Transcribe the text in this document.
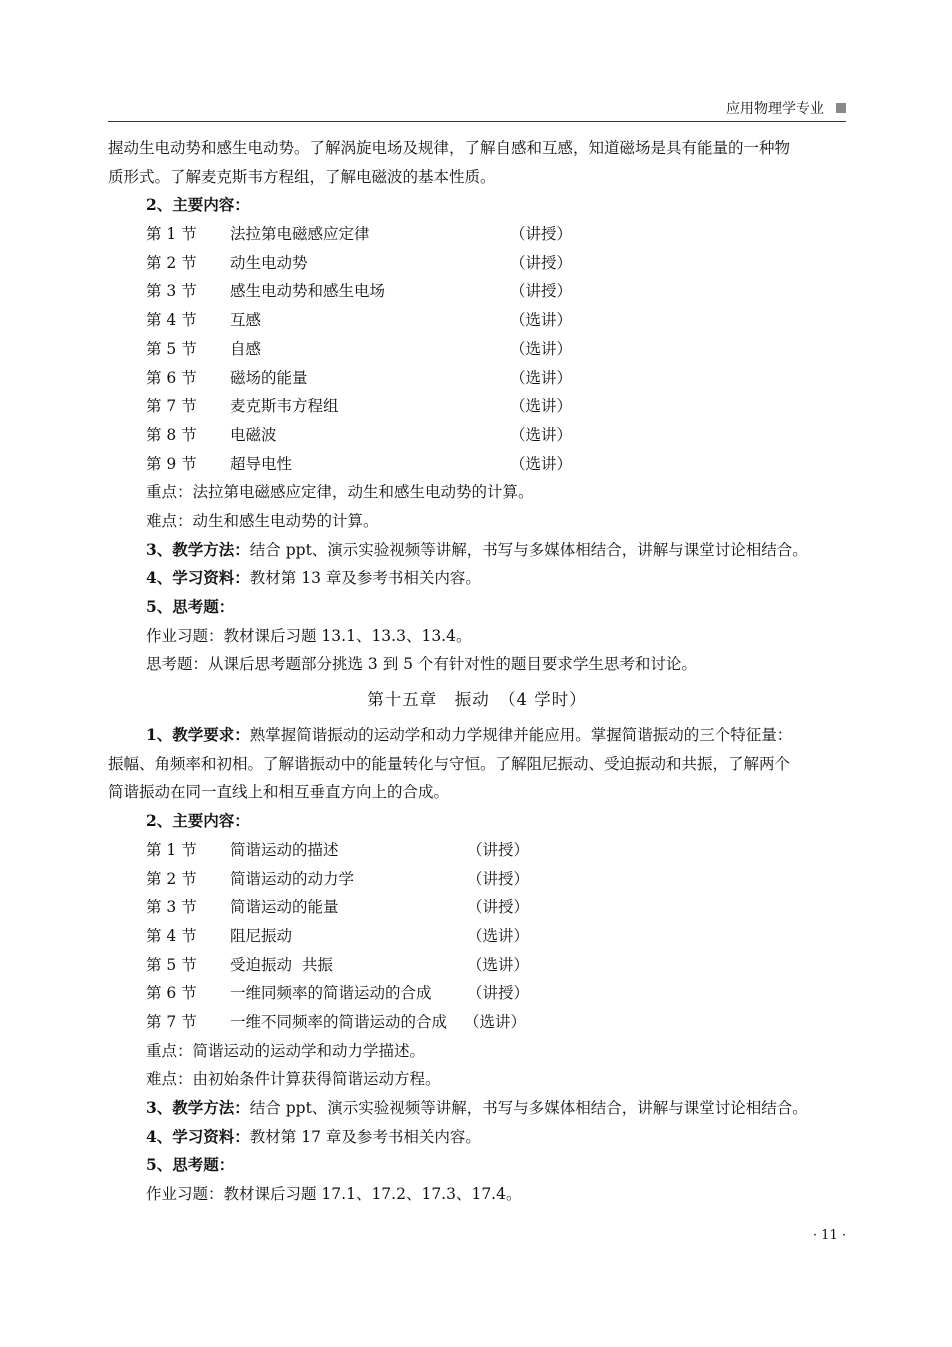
应用物理学专业
握动生电动势和感生电动势。了解涡旋电场及规律，了解自感和互感，知道磁场是具有能量的一种物
质形式。了解麦克斯韦方程组，了解电磁波的基本性质。
2、主要内容：
第 1 节 法拉第电磁感应定律	（讲授）
第 2 节 动生电动势	（讲授）
第 3 节 感生电动势和感生电场	（讲授）
第 4 节 互感	（选讲）
第 5 节 自感	（选讲）
第 6 节 磁场的能量	（选讲）
第 7 节 麦克斯韦方程组	（选讲）
第 8 节 电磁波	（选讲）
第 9 节 超导电性	（选讲）
重点：法拉第电磁感应定律，动生和感生电动势的计算。
难点：动生和感生电动势的计算。
3、教学方法：结合 ppt、演示实验视频等讲解，书写与多媒体相结合，讲解与课堂讨论相结合。
4、学习资料：教材第 13 章及参考书相关内容。
5、思考题：
作业习题：教材课后习题 13.1、13.3、13.4。
思考题：从课后思考题部分挑选 3 到 5 个有针对性的题目要求学生思考和讨论。
第十五章　振动　（4 学时）
1、教学要求：熟掌握简谐振动的运动学和动力学规律并能应用。掌握简谐振动的三个特征量：
振幅、角频率和初相。了解谐振动中的能量转化与守恒。了解阻尼振动、受迫振动和共振，了解两个
简谐振动在同一直线上和相互垂直方向上的合成。
2、主要内容：
第 1 节 简谐运动的描述	（讲授）
第 2 节 简谐运动的动力学	（讲授）
第 3 节 简谐运动的能量	（讲授）
第 4 节 阻尼振动	（选讲）
第 5 节 受迫振动  共振	（选讲）
第 6 节 一维同频率的简谐运动的合成 （讲授）
第 7 节 一维不同频率的简谐运动的合成 （选讲）
重点：简谐运动的运动学和动力学描述。
难点：由初始条件计算获得简谐运动方程。
3、教学方法：结合 ppt、演示实验视频等讲解，书写与多媒体相结合，讲解与课堂讨论相结合。
4、学习资料：教材第 17 章及参考书相关内容。
5、思考题：
作业习题：教材课后习题 17.1、17.2、17.3、17.4。
· 11 ·
